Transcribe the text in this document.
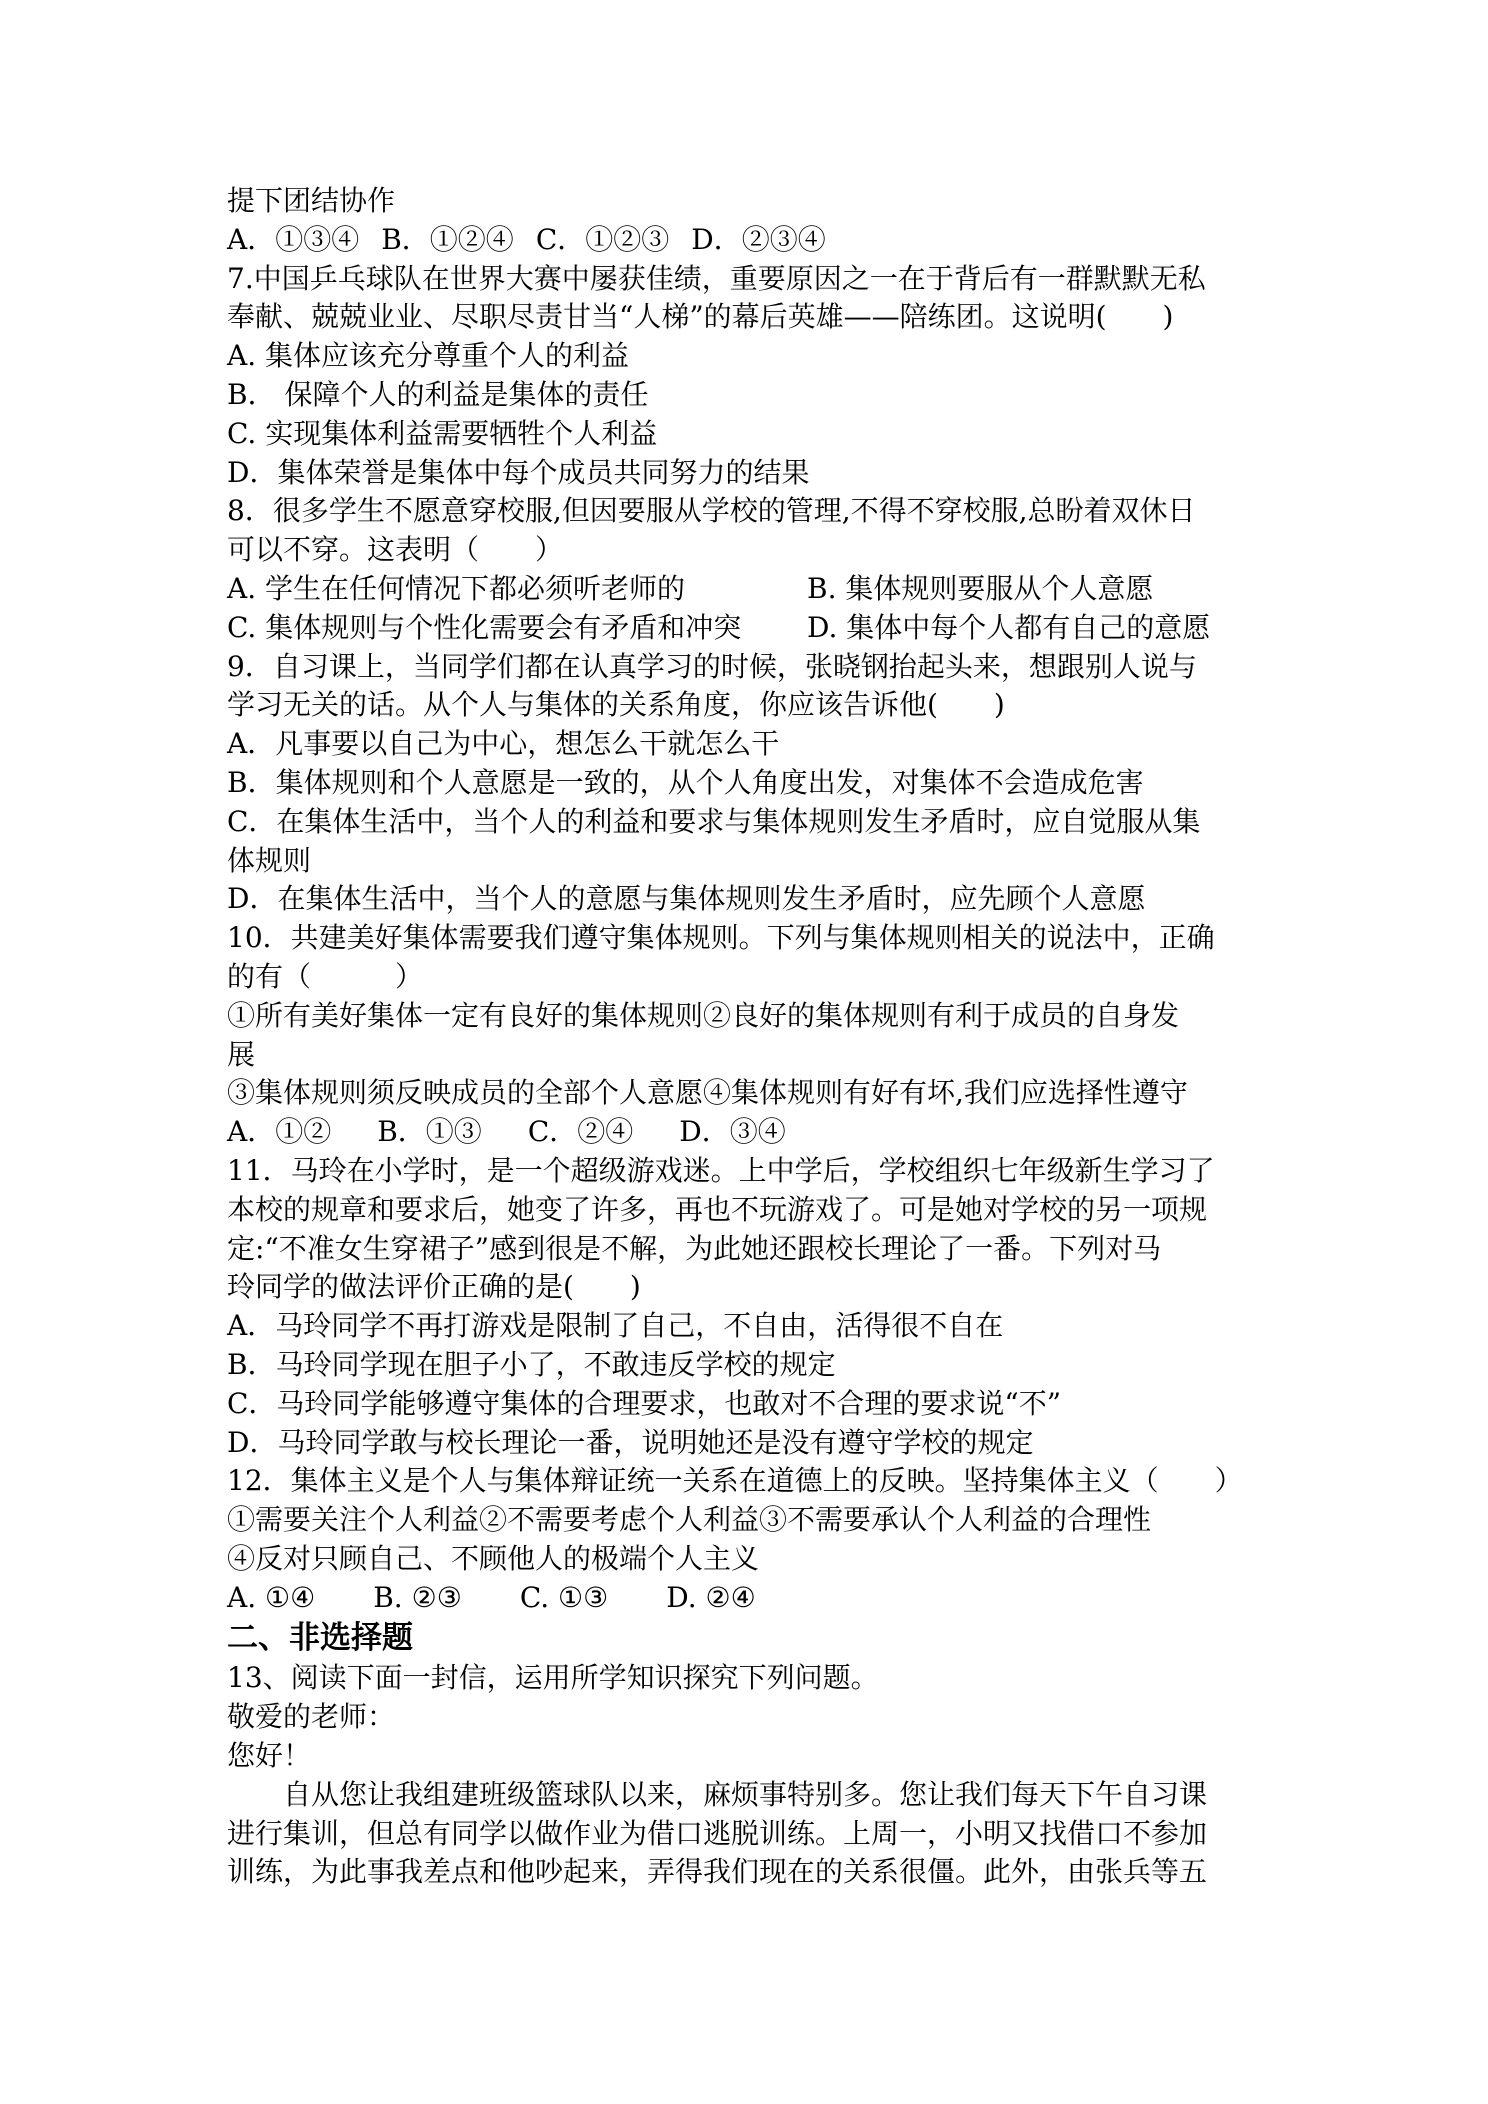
提下团结协作
A．①③④ B．①②④ C．①②③ D．②③④
7.中国乒乓球队在世界大赛中屡获佳绩，重要原因之一在于背后有一群默默无私
奉献、兢兢业业、尽职尽责甘当“人梯”的幕后英雄——陪练团。这说明(　　)
A. 集体应该充分尊重个人的利益
B． 保障个人的利益是集体的责任
C. 实现集体利益需要牺牲个人利益
D．集体荣誉是集体中每个成员共同努力的结果
8．很多学生不愿意穿校服,但因要服从学校的管理,不得不穿校服,总盼着双休日
可以不穿。这表明（　　）
A. 学生在任何情况下都必须听老师的	B. 集体规则要服从个人意愿
C. 集体规则与个性化需要会有矛盾和冲突	D. 集体中每个人都有自己的意愿
9．自习课上，当同学们都在认真学习的时候，张晓钢抬起头来，想跟别人说与
学习无关的话。从个人与集体的关系角度，你应该告诉他(　　)
A．凡事要以自己为中心，想怎么干就怎么干
B．集体规则和个人意愿是一致的，从个人角度出发，对集体不会造成危害
C．在集体生活中，当个人的利益和要求与集体规则发生矛盾时，应自觉服从集
体规则
D．在集体生活中，当个人的意愿与集体规则发生矛盾时，应先顾个人意愿
10．共建美好集体需要我们遵守集体规则。下列与集体规则相关的说法中，正确
的有（　　　）
①所有美好集体一定有良好的集体规则②良好的集体规则有利于成员的自身发
展
③集体规则须反映成员的全部个人意愿④集体规则有好有坏,我们应选择性遵守
A．①② B．①③ C．②④ D．③④
11．马玲在小学时，是一个超级游戏迷。上中学后，学校组织七年级新生学习了
本校的规章和要求后，她变了许多，再也不玩游戏了。可是她对学校的另一项规
定:“不准女生穿裙子”感到很是不解，为此她还跟校长理论了一番。下列对马
玲同学的做法评价正确的是(　　)
A．马玲同学不再打游戏是限制了自己，不自由，活得很不自在
B．马玲同学现在胆子小了，不敢违反学校的规定
C．马玲同学能够遵守集体的合理要求，也敢对不合理的要求说“不”
D．马玲同学敢与校长理论一番，说明她还是没有遵守学校的规定
12．集体主义是个人与集体辩证统一关系在道德上的反映。坚持集体主义（　　）
①需要关注个人利益②不需要考虑个人利益③不需要承认个人利益的合理性
④反对只顾自己、不顾他人的极端个人主义
A. ①④ B. ②③ C. ①③ D. ②④
二、非选择题
13、阅读下面一封信，运用所学知识探究下列问题。
敬爱的老师：
您好！
自从您让我组建班级篮球队以来，麻烦事特别多。您让我们每天下午自习课
进行集训，但总有同学以做作业为借口逃脱训练。上周一，小明又找借口不参加
训练，为此事我差点和他吵起来，弄得我们现在的关系很僵。此外，由张兵等五
